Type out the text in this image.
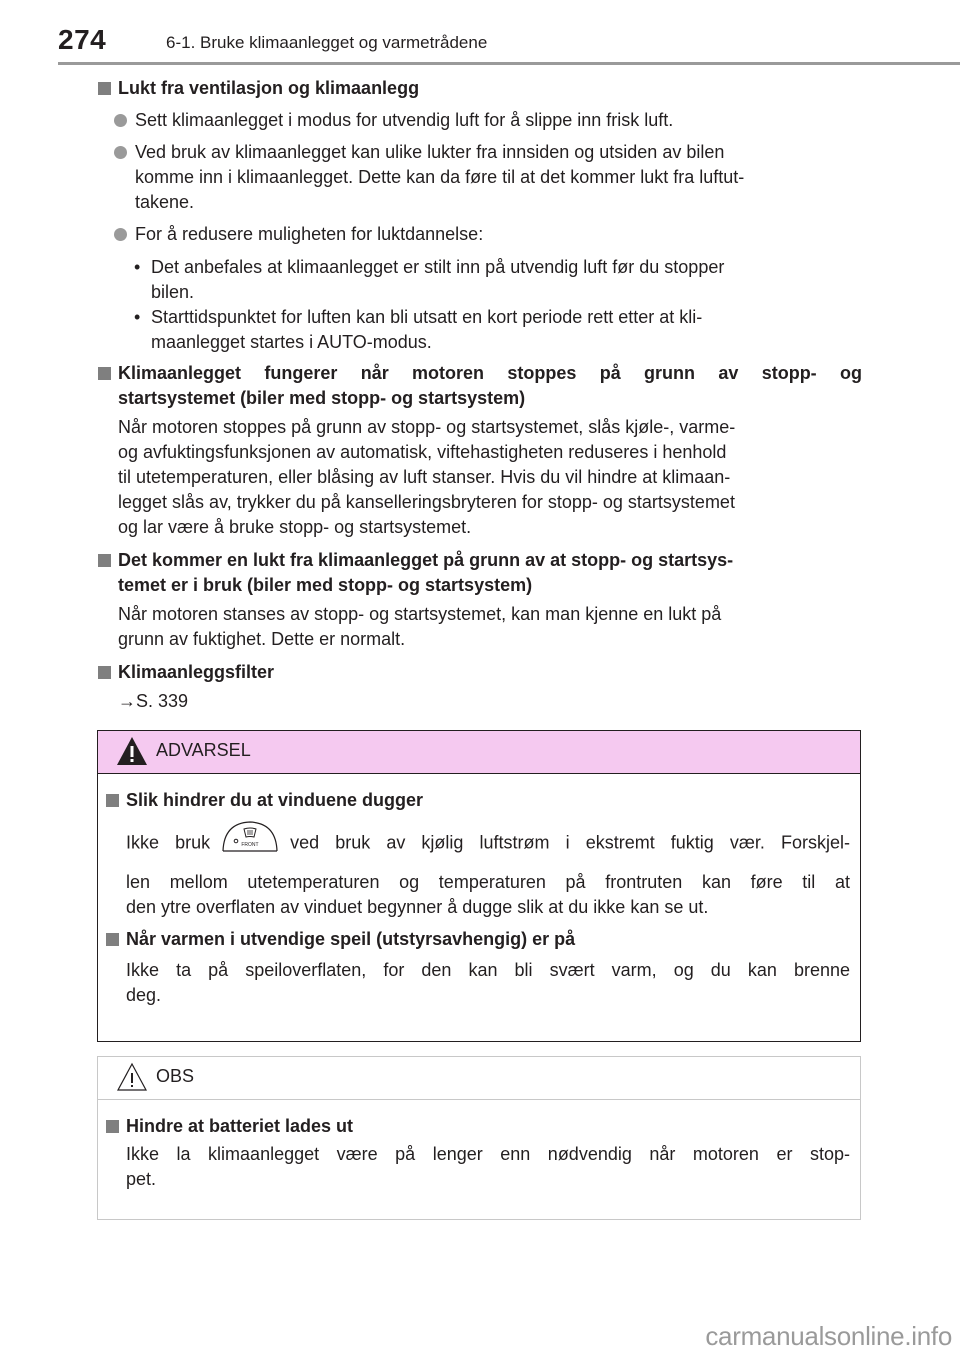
274	6-1. Bruke klimaanlegget og varmetrådene
Lukt fra ventilasjon og klimaanlegg
Sett klimaanlegget i modus for utvendig luft for å slippe inn frisk luft.
Ved bruk av klimaanlegget kan ulike lukter fra innsiden og utsiden av bilen
komme inn i klimaanlegget. Dette kan da føre til at det kommer lukt fra luftut-
takene.
For å redusere muligheten for luktdannelse:
• Det anbefales at klimaanlegget er stilt inn på utvendig luft før du stopper
bilen.
• Starttidspunktet for luften kan bli utsatt en kort periode rett etter at kli-
maanlegget startes i AUTO-modus.
Klimaanlegget fungerer når motoren stoppes på grunn av stopp- og
startsystemet (biler med stopp- og startsystem)
Når motoren stoppes på grunn av stopp- og startsystemet, slås kjøle-, varme-
og avfuktingsfunksjonen av automatisk, viftehastigheten reduseres i henhold
til utetemperaturen, eller blåsing av luft stanser. Hvis du vil hindre at klimaan-
legget slås av, trykker du på kanselleringsbryteren for stopp- og startsystemet
og lar være å bruke stopp- og startsystemet.
Det kommer en lukt fra klimaanlegget på grunn av at stopp- og startsys-
temet er i bruk (biler med stopp- og startsystem)
Når motoren stanses av stopp- og startsystemet, kan man kjenne en lukt på
grunn av fuktighet. Dette er normalt.
Klimaanleggsfilter
→S. 339
ADVARSEL
Slik hindrer du at vinduene dugger
Ikke bruk	FRONT ved bruk av kjølig luftstrøm i ekstremt fuktig vær. Forskjel-
len mellom utetemperaturen og temperaturen på frontruten kan føre til at
den ytre overflaten av vinduet begynner å dugge slik at du ikke kan se ut.
Når varmen i utvendige speil (utstyrsavhengig) er på
Ikke ta på speiloverflaten, for den kan bli svært varm, og du kan brenne
deg.
OBS
Hindre at batteriet lades ut
Ikke la klimaanlegget være på lenger enn nødvendig når motoren er stop-
pet.
carmanualsonline.info
